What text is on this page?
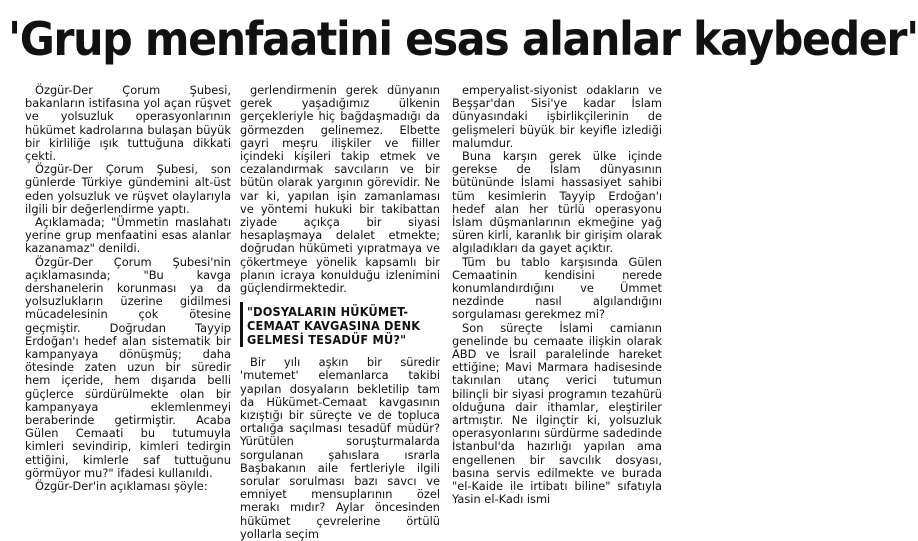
'Grup menfaatini esas alanlar kaybeder'

Özgür-Der Çorum Şubesi, bakanların istifasına yol açan rüşvet ve yolsuzluk operasyonlarının hükümet kadrolarına bulaşan büyük bir kirliliğe ışık tuttuğuna dikkati çekti.

Özgür-Der Çorum Şubesi, son günlerde Türkiye gündemini alt-üst eden yolsuzluk ve rüşvet olaylarıyla ilgili bir değerlendirme yaptı.

Açıklamada; "Ümmetin maslahatı yerine grup menfaatini esas alanlar kazanamaz" denildi.

Özgür-Der Çorum Şubesi'nin açıklamasında; "Bu kavga dershanelerin korunması ya da yolsuzlukların üzerine gidilmesi mücadelesinin çok ötesine geçmiştir. Doğrudan Tayyip Erdoğan'ı hedef alan sistematik bir kampanyaya dönüşmüş; daha ötesinde zaten uzun bir süredir hem içeride, hem dışarıda belli güçlerce sürdürülmekte olan bir kampanyaya eklemlenmeyi beraberinde getirmiştir. Acaba Gülen Cemaati bu tutumuyla kimleri sevindirip, kimleri tedirgin ettiğini, kimlerle saf tuttuğunu görmüyor mu?" ifadesi kullanıldı.

Özgür-Der'in açıklaması şöyle:

gerlendirmenin gerek dünyanın gerek yaşadığımız ülkenin gerçekleriyle hiç bağdaşmadığı da görmezden gelinemez. Elbette gayri meşru ilişkiler ve fiiller içindeki kişileri takip etmek ve cezalandırmak savcıların ve bir bütün olarak yargının görevidir. Ne var ki, yapılan işin zamanlaması ve yöntemi hukuki bir takibattan ziyade açıkça bir siyasi hesaplaşmaya delalet etmekte; doğrudan hükümeti yıpratmaya ve çökertmeye yönelik kapsamlı bir planın icraya konulduğu izlenimini güçlendirmektedir.

"DOSYALARIN HÜKÜMET-CEMAAT KAVGASINA DENK GELMESİ TESADÜF MÜ?"

Bir yılı aşkın bir süredir 'mutemet' elemanlarca takibi yapılan dosyaların bekletilip tam da Hükümet-Cemaat kavgasının kızıştığı bir süreçte ve de topluca ortalığa saçılması tesadüf müdür? Yürütülen soruşturmalarda sorgulanan şahıslara ısrarla Başbakanın aile fertleriyle ilgili sorular sorulması bazı savcı ve emniyet mensuplarının özel merakı mıdır? Aylar öncesinden hükümet çevrelerine örtülü yollarla seçim

emperyalist-siyonist odakların ve Beşşar'dan Sisi'ye kadar İslam dünyasındaki işbirlikçilerinin de gelişmeleri büyük bir keyifle izlediği malumdur.

Buna karşın gerek ülke içinde gerekse de İslam dünyasının bütününde İslami hassasiyet sahibi tüm kesimlerin Tayyip Erdoğan'ı hedef alan her türlü operasyonu İslam düşmanlarının ekmeğine yağ süren kirli, karanlık bir girişim olarak algıladıkları da gayet açıktır.

Tüm bu tablo karşısında Gülen Cemaatinin kendisini nerede konumlandırdığını ve Ümmet nezdinde nasıl algılandığını sorgulaması gerekmez mi?

Son süreçte İslami camianın genelinde bu cemaate ilişkin olarak ABD ve İsrail paralelinde hareket ettiğine; Mavi Marmara hadisesinde takınılan utanç verici tutumun bilinçli bir siyasi programın tezahürü olduğuna dair ithamlar, eleştiriler artmıştır. Ne ilginçtir ki, yolsuzluk operasyonlarını sürdürme sadedinde İstanbul'da hazırlığı yapılan ama engellenen bir savcılık dosyası, basına servis edilmekte ve burada "el-Kaide ile irtibatı biline" sıfatıyla Yasin el-Kadı ismi
